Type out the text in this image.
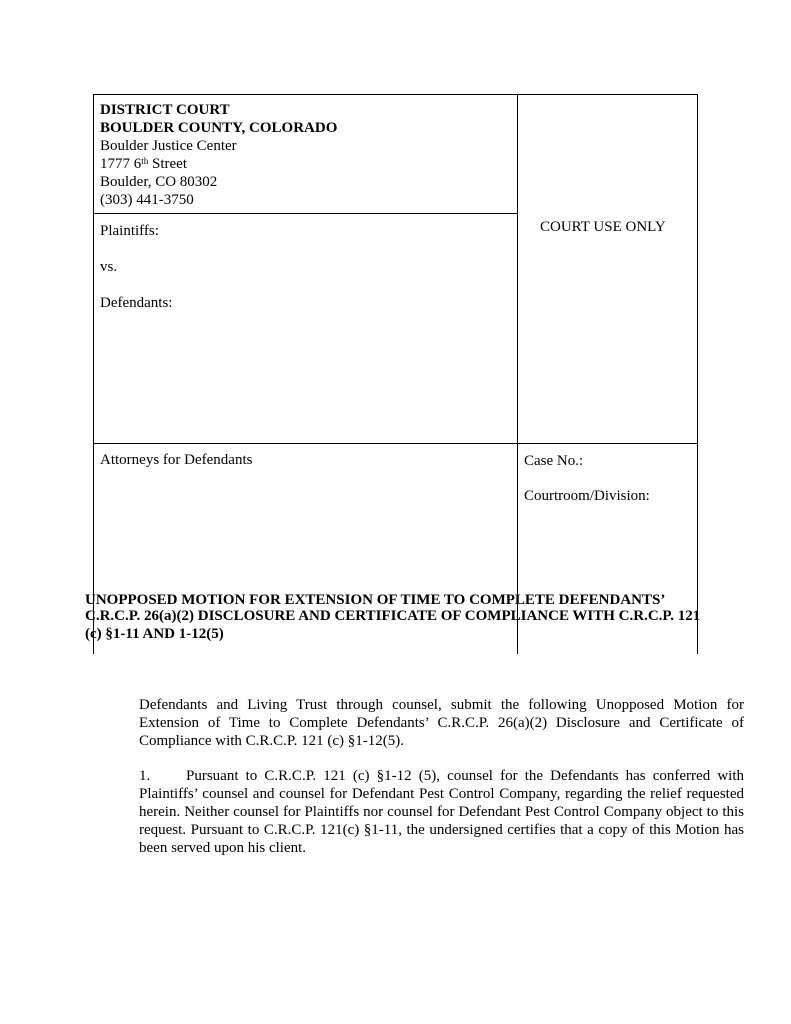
DISTRICT COURT
BOULDER COUNTY, COLORADO
Boulder Justice Center
1777 6th Street
Boulder, CO 80302
(303) 441-3750
COURT USE ONLY
Plaintiffs:
vs.
Defendants:
Attorneys for Defendants	Case No.:
Courtroom/Division:
UNOPPOSED MOTION FOR EXTENSION OF TIME TO COMPLETE DEFENDANTS’
C.R.C.P. 26(a)(2) DISCLOSURE AND CERTIFICATE OF COMPLIANCE WITH C.R.C.P. 121
(c) §1-11 AND 1-12(5)
Defendants and Living Trust through counsel, submit the following Unopposed Motion for Extension of Time to Complete Defendants’ C.R.C.P. 26(a)(2) Disclosure and Certificate of Compliance with C.R.C.P. 121 (c) §1-12(5).
1. Pursuant to C.R.C.P. 121 (c) §1-12 (5), counsel for the Defendants has conferred with Plaintiffs’ counsel and counsel for Defendant Pest Control Company, regarding the relief requested herein. Neither counsel for Plaintiffs nor counsel for Defendant Pest Control Company object to this request. Pursuant to C.R.C.P. 121(c) §1-11, the undersigned certifies that a copy of this Motion has been served upon his client.
